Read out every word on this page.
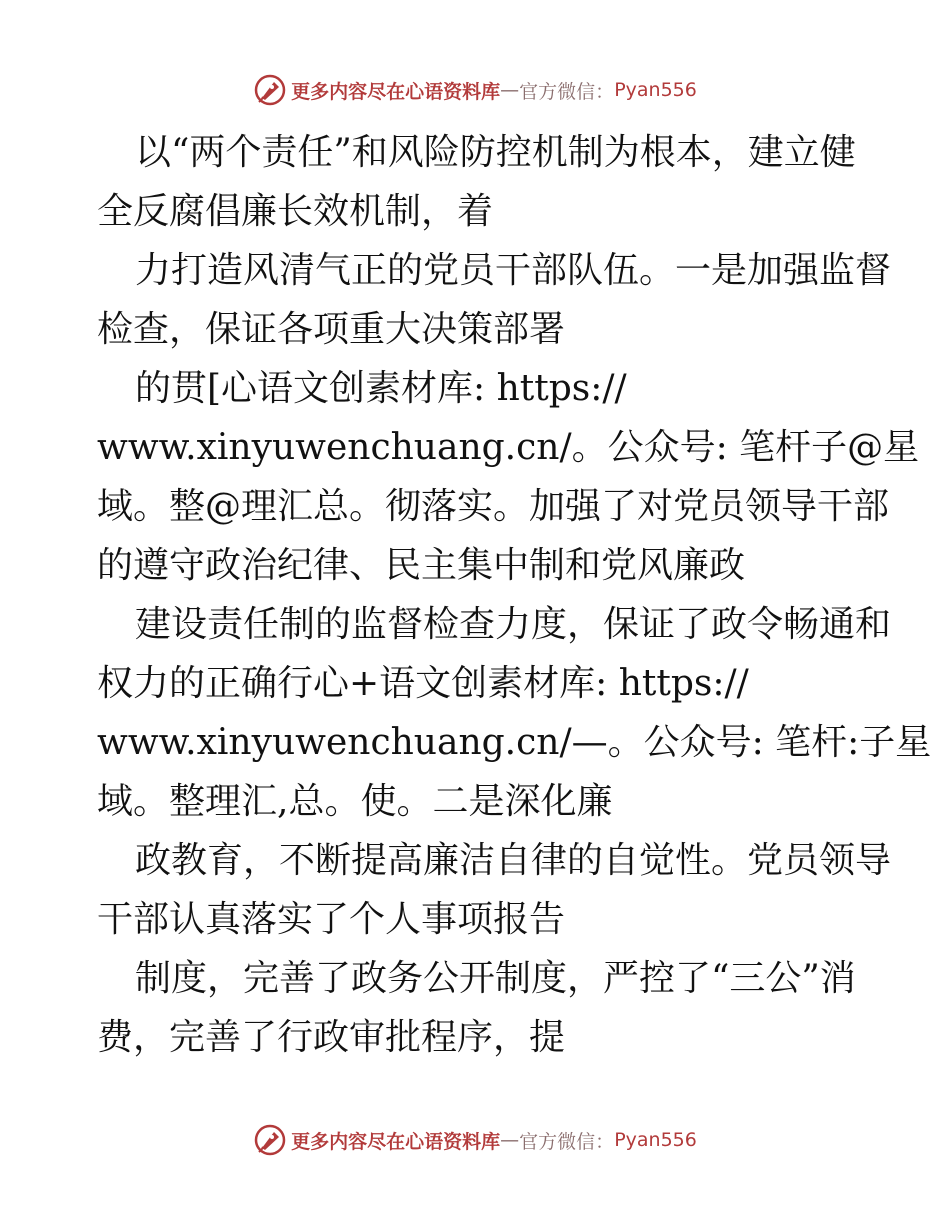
更多内容尽在心语资料库 — 官方微信： Pyan556

以“两个责任”和风险防控机制为根本，建立健
全反腐倡廉长效机制，着

力打造风清气正的党员干部队伍。一是加强监督
检查，保证各项重大决策部署

的贯[心语文创素材库: https://
www.xinyuwenchuang.cn/。公众号: 笔杆子@星
域。整@理汇总。彻落实。加强了对党员领导干部
的遵守政治纪律、民主集中制和党风廉政

建设责任制的监督检查力度，保证了政令畅通和
权力的正确行心+语文创素材库: https://
www.xinyuwenchuang.cn/—。公众号: 笔杆:子星
域。整理汇,总。使。二是深化廉

政教育，不断提高廉洁自律的自觉性。党员领导
干部认真落实了个人事项报告

制度，完善了政务公开制度，严控了“三公”消
费，完善了行政审批程序，提

更多内容尽在心语资料库 — 官方微信： Pyan556
